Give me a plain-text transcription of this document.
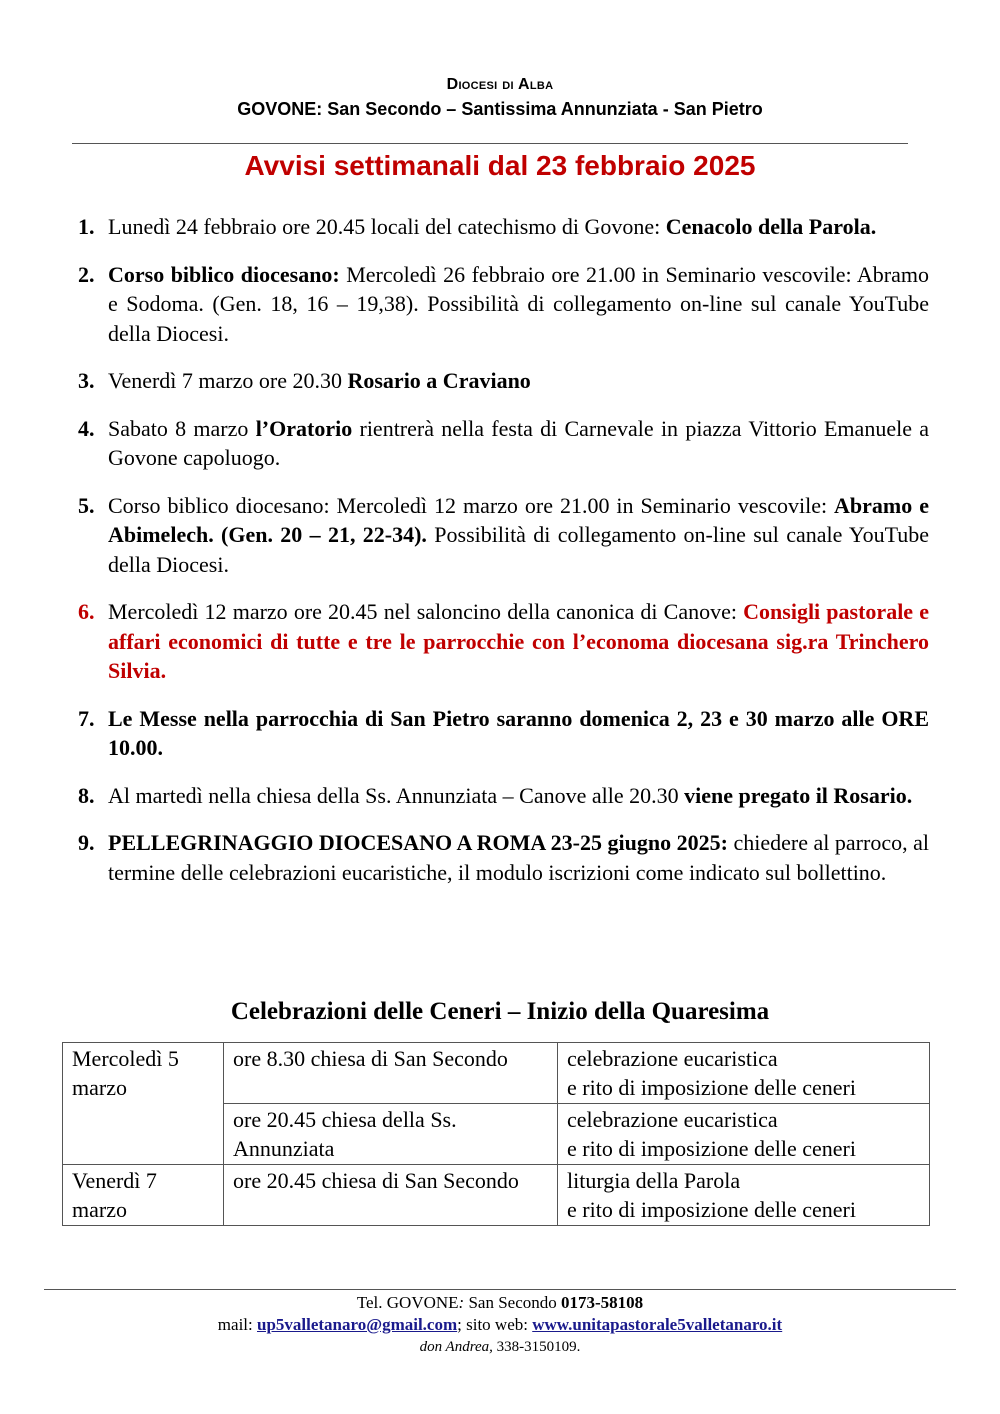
Diocesi di Alba
GOVONE: San Secondo – Santissima Annunziata - San Pietro
Avvisi settimanali dal 23 febbraio 2025
1. Lunedì 24 febbraio ore 20.45 locali del catechismo di Govone: Cenacolo della Parola.
2. Corso biblico diocesano: Mercoledì 26 febbraio ore 21.00 in Seminario vescovile: Abramo e Sodoma. (Gen. 18, 16 – 19,38). Possibilità di collegamento on-line sul canale YouTube della Diocesi.
3. Venerdì 7 marzo ore 20.30 Rosario a Craviano
4. Sabato 8 marzo l’Oratorio rientrerà nella festa di Carnevale in piazza Vittorio Emanuele a Govone capoluogo.
5. Corso biblico diocesano: Mercoledì 12 marzo ore 21.00 in Seminario vescovile: Abramo e Abimelech. (Gen. 20 – 21, 22-34). Possibilità di collegamento on-line sul canale YouTube della Diocesi.
6. Mercoledì 12 marzo ore 20.45 nel saloncino della canonica di Canove: Consigli pastorale e affari economici di tutte e tre le parrocchie con l’economa diocesana sig.ra Trinchero Silvia.
7. Le Messe nella parrocchia di San Pietro saranno domenica 2, 23 e 30 marzo alle ORE 10.00.
8. Al martedì nella chiesa della Ss. Annunziata – Canove alle 20.30 viene pregato il Rosario.
9. PELLEGRINAGGIO DIOCESANO A ROMA 23-25 giugno 2025: chiedere al parroco, al termine delle celebrazioni eucaristiche, il modulo iscrizioni come indicato sul bollettino.
Celebrazioni delle Ceneri – Inizio della Quaresima
Mercoledì 5 marzo	ore 8.30 chiesa di San Secondo	celebrazione eucaristica
e rito di imposizione delle ceneri

	ore 20.45 chiesa della Ss. Annunziata	celebrazione eucaristica
e rito di imposizione delle ceneri

Venerdì 7 marzo	ore 20.45 chiesa di San Secondo	liturgia della Parola
e rito di imposizione delle ceneri
Tel. GOVONE: San Secondo 0173-58108
mail: up5valletanaro@gmail.com; sito web: www.unitapastorale5valletanaro.it
don Andrea, 338-3150109.
